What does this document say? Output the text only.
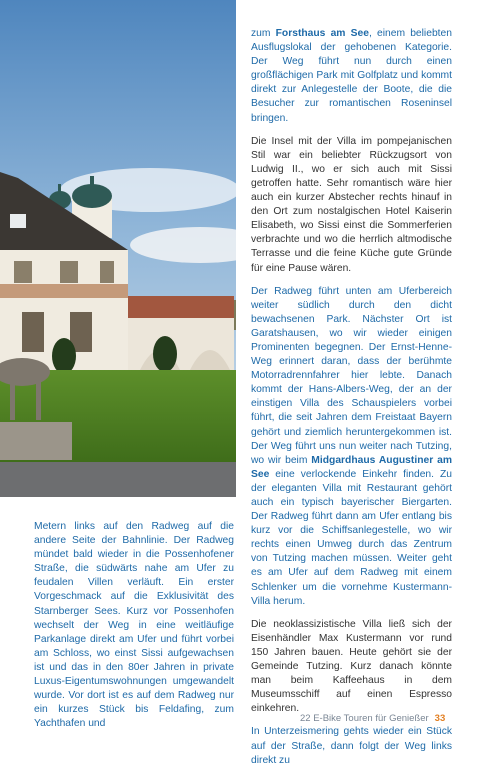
Metern links auf den Radweg auf die andere Seite der Bahnlinie. Der Radweg mündet bald wieder in die Possenhofener Straße, die südwärts nahe am Ufer zu feudalen Villen verläuft. Ein erster Vorgeschmack auf die Exklusivität des Starnberger Sees. Kurz vor Possenhofen wechselt der Weg in eine weitläufige Parkanlage direkt am Ufer und führt vorbei am Schloss, wo einst Sissi aufgewachsen ist und das in den 80er Jahren in private Luxus-Eigentumswohnungen umgewandelt wurde. Vor dort ist es auf dem Radweg nur ein kurzes Stück bis Feldafing, zum Yachthafen und

zum Forsthaus am See, einem beliebten Ausflugslokal der gehobenen Kategorie. Der Weg führt nun durch einen großflächigen Park mit Golfplatz und kommt direkt zur Anlegestelle der Boote, die die Besucher zur romantischen Roseninsel bringen.

Die Insel mit der Villa im pompejanischen Stil war ein beliebter Rückzugsort von Ludwig II., wo er sich auch mit Sissi getroffen hatte. Sehr romantisch wäre hier auch ein kurzer Abstecher rechts hinauf in den Ort zum nostalgischen Hotel Kaiserin Elisabeth, wo Sissi einst die Sommerferien verbrachte und wo die herrlich altmodische Terrasse und die feine Küche gute Gründe für eine Pause wären.

Der Radweg führt unten am Uferbereich weiter südlich durch den dicht bewachsenen Park. Nächster Ort ist Garatshausen, wo wir wieder einigen Prominenten begegnen. Der Ernst-Henne-Weg erinnert daran, dass der berühmte Motorradrennfahrer hier lebte. Danach kommt der Hans-Albers-Weg, der an der einstigen Villa des Schauspielers vorbei führt, die seit Jahren dem Freistaat Bayern gehört und ziemlich heruntergekommen ist. Der Weg führt uns nun weiter nach Tutzing, wo wir beim Midgardhaus Augustiner am See eine verlockende Einkehr finden. Zu der eleganten Villa mit Restaurant gehört auch ein typisch bayerischer Biergarten. Der Radweg führt dann am Ufer entlang bis kurz vor die Schiffsanlegestelle, wo wir rechts einen Umweg durch das Zentrum von Tutzing machen müssen. Weiter geht es am Ufer auf dem Radweg mit einem Schlenker um die vornehme Kustermann-Villa herum.

Die neoklassizistische Villa ließ sich der Eisenhändler Max Kustermann vor rund 150 Jahren bauen. Heute gehört sie der Gemeinde Tutzing. Kurz danach könnte man beim Kaffeehaus in dem Museumsschiff auf einen Espresso einkehren.

In Unterzeismering gehts wieder ein Stück auf der Straße, dann folgt der Weg links direkt zu

22 E-Bike Touren für Genießer 33
